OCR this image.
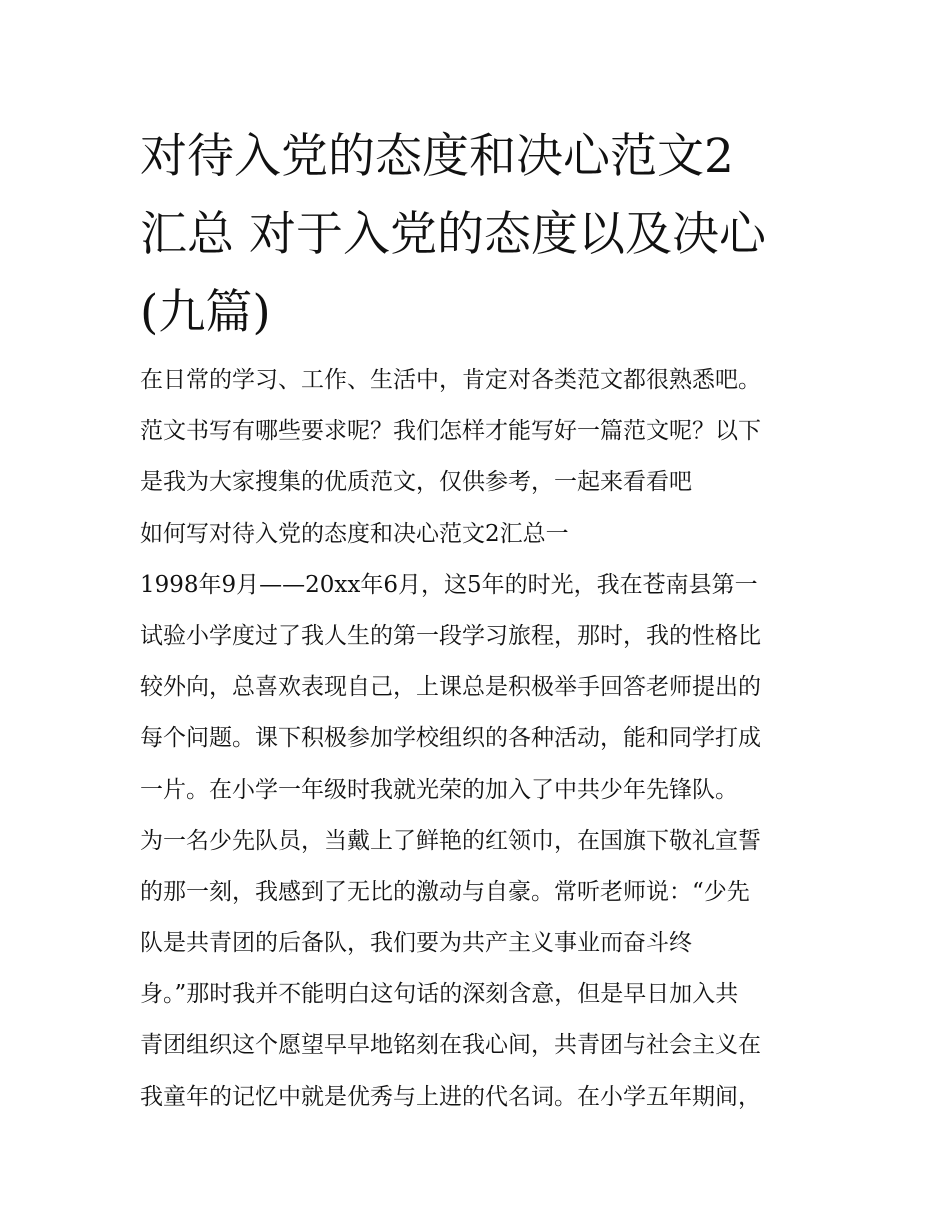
对待入党的态度和决心范文2
汇总 对于入党的态度以及决心
(九篇)
在日常的学习、工作、生活中，肯定对各类范文都很熟悉吧。
范文书写有哪些要求呢？我们怎样才能写好一篇范文呢？以下
是我为大家搜集的优质范文，仅供参考，一起来看看吧
如何写对待入党的态度和决心范文2汇总一
1998年9月——20xx年6月，这5年的时光，我在苍南县第一
试验小学度过了我人生的第一段学习旅程，那时，我的性格比
较外向，总喜欢表现自己，上课总是积极举手回答老师提出的
每个问题。课下积极参加学校组织的各种活动，能和同学打成
一片。在小学一年级时我就光荣的加入了中共少年先锋队。
为一名少先队员，当戴上了鲜艳的红领巾，在国旗下敬礼宣誓
的那一刻，我感到了无比的激动与自豪。常听老师说：“少先
队是共青团的后备队，我们要为共产主义事业而奋斗终
身。”那时我并不能明白这句话的深刻含意，但是早日加入共
青团组织这个愿望早早地铭刻在我心间，共青团与社会主义在
我童年的记忆中就是优秀与上进的代名词。在小学五年期间，
